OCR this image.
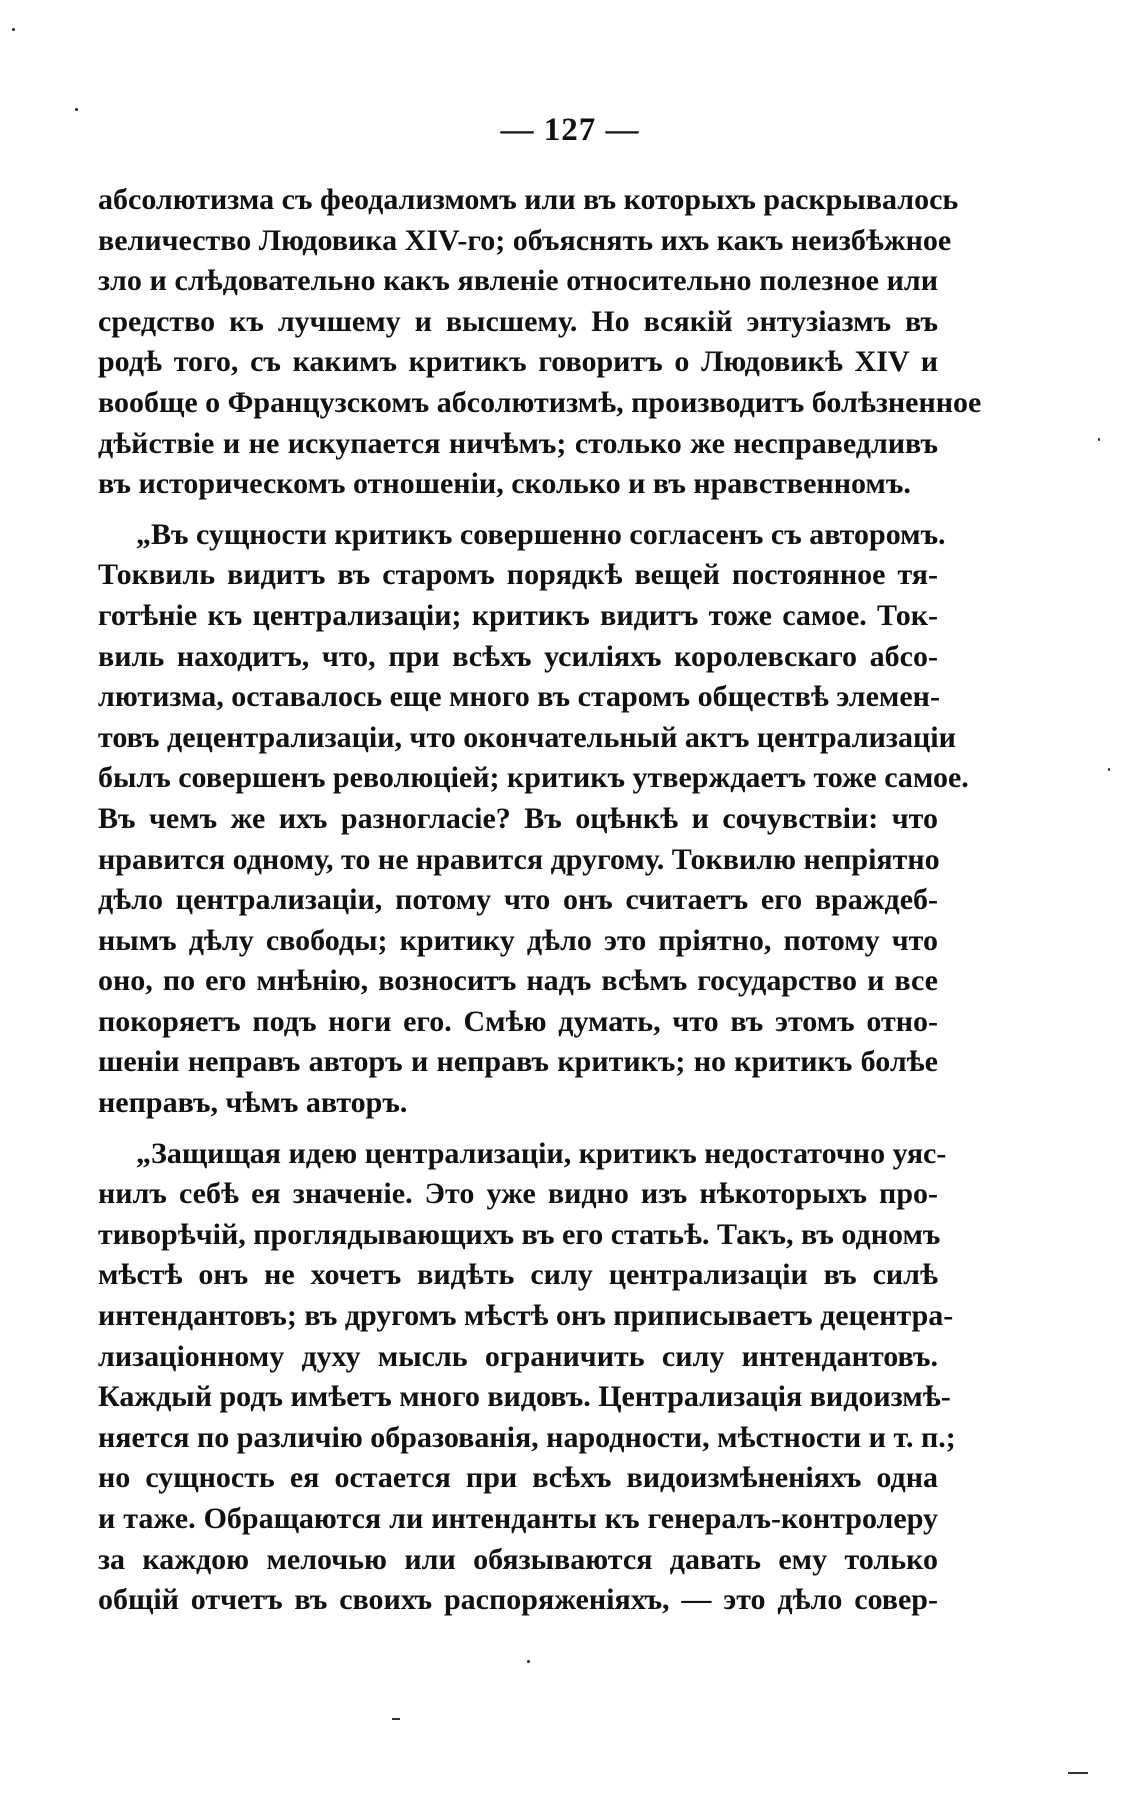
— 127 —
абсолютизма съ феодализмомъ или въ которыхъ раскрывалось
величество Людовика XIV-го; объяснять ихъ какъ неизбѣжное
зло и слѣдовательно какъ явленіе относительно полезное или
средство къ лучшему и высшему. Но всякій энтузіазмъ въ
родѣ того, съ какимъ критикъ говоритъ о Людовикѣ XIV и
вообще о Французскомъ абсолютизмѣ, производитъ болѣзненное
дѣйствіе и не искупается ничѣмъ; столько же несправедливъ
въ историческомъ отношеніи, сколько и въ нравственномъ.
„Въ сущности критикъ совершенно согласенъ съ авторомъ.
Токвиль видитъ въ старомъ порядкѣ вещей постоянное тя-
готѣніе къ централизаціи; критикъ видитъ тоже самое. Ток-
виль находитъ, что, при всѣхъ усиліяхъ королевскаго абсо-
лютизма, оставалось еще много въ старомъ обществѣ элемен-
товъ децентрализаціи, что окончательный актъ централизаціи
былъ совершенъ революціей; критикъ утверждаетъ тоже самое.
Въ чемъ же ихъ разногласіе? Въ оцѣнкѣ и сочувствіи: что
нравится одному, то не нравится другому. Токвилю непріятно
дѣло централизаціи, потому что онъ считаетъ его враждеб-
нымъ дѣлу свободы; критику дѣло это пріятно, потому что
оно, по его мнѣнію, возноситъ надъ всѣмъ государство и все
покоряетъ подъ ноги его. Смѣю думать, что въ этомъ отно-
шеніи неправъ авторъ и неправъ критикъ; но критикъ болѣе
неправъ, чѣмъ авторъ.
„Защищая идею централизаціи, критикъ недостаточно уяс-
нилъ себѣ ея значеніе. Это уже видно изъ нѣкоторыхъ про-
тиворѣчій, проглядывающихъ въ его статьѣ. Такъ, въ одномъ
мѣстѣ онъ не хочетъ видѣть силу централизаціи въ силѣ
интендантовъ; въ другомъ мѣстѣ онъ приписываетъ децентра-
лизаціонному духу мысль ограничить силу интендантовъ.
Каждый родъ имѣетъ много видовъ. Централизація видоизмѣ-
няется по различію образованія, народности, мѣстности и т. п.;
но сущность ея остается при всѣхъ видоизмѣненіяхъ одна
и таже. Обращаются ли интенданты къ генералъ-контролеру
за каждою мелочью или обязываются давать ему только
общій отчетъ въ своихъ распоряженіяхъ, — это дѣло совер-
